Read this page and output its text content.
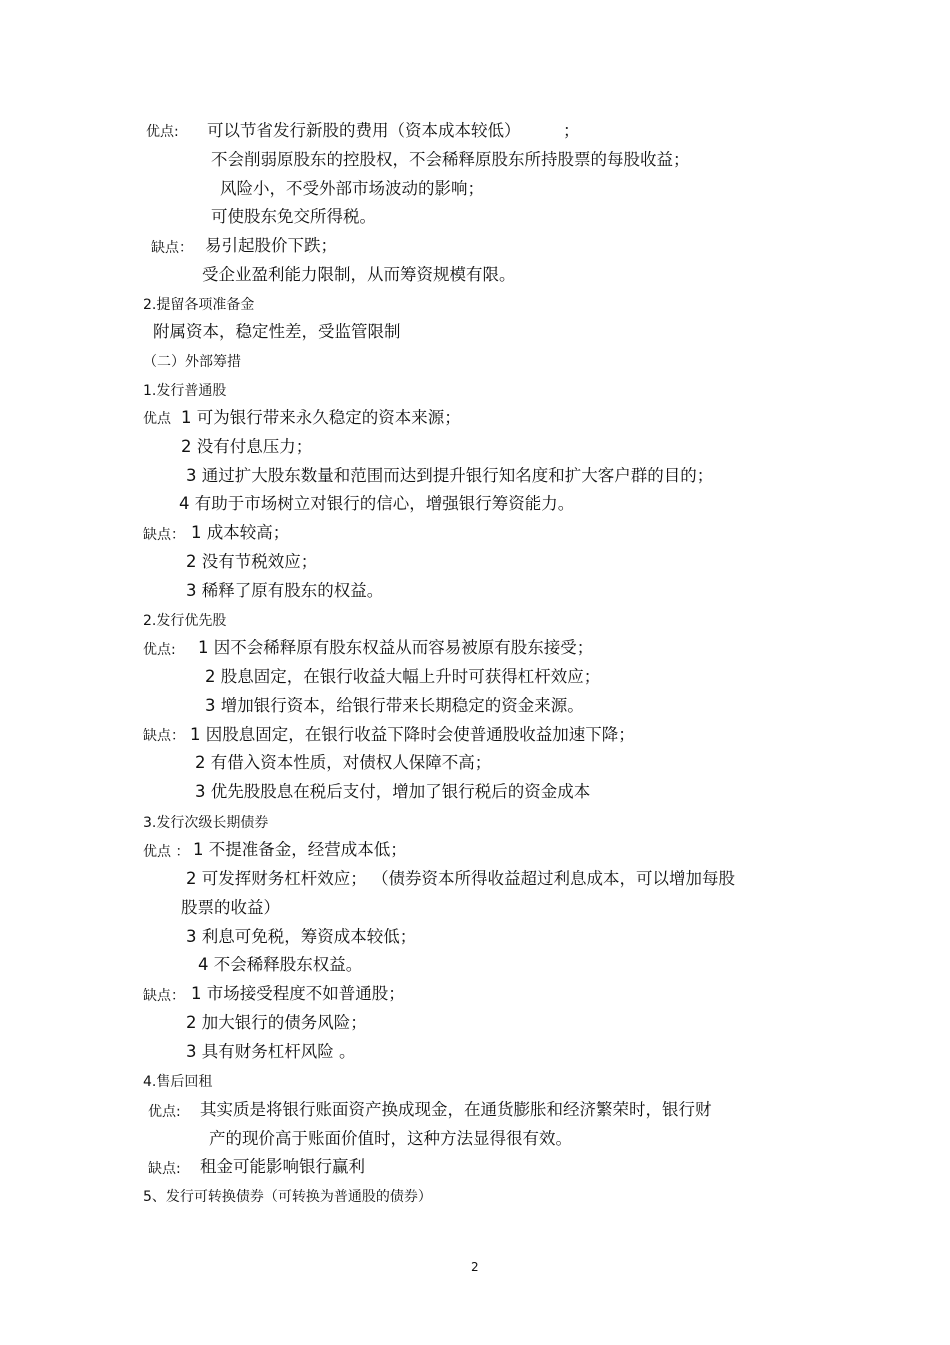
优点: 可以节省发行新股的费用（资本成本较低）	；
不会削弱原股东的控股权，不会稀释原股东所持股票的每股收益；
风险小，不受外部市场波动的影响；
可使股东免交所得税。
缺点： 易引起股价下跌；
受企业盈利能力限制，从而筹资规模有限。
2.提留各项准备金
附属资本，稳定性差，受监管限制
（二）外部筹措
1.发行普通股
优点 1 可为银行带来永久稳定的资本来源；
2 没有付息压力；
3 通过扩大股东数量和范围而达到提升银行知名度和扩大客户群的目的；
4 有助于市场树立对银行的信心，增强银行筹资能力。
缺点： 1 成本较高；
2 没有节税效应；
3 稀释了原有股东的权益。
2.发行优先股
优点: 1 因不会稀释原有股东权益从而容易被原有股东接受；
2 股息固定，在银行收益大幅上升时可获得杠杆效应；
3 增加银行资本，给银行带来长期稳定的资金来源。
缺点： 1 因股息固定，在银行收益下降时会使普通股收益加速下降；
2 有借入资本性质，对债权人保障不高；
3 优先股股息在税后支付，增加了银行税后的资金成本
3.发行次级长期债券
优点 ： 1 不提准备金，经营成本低；
2 可发挥财务杠杆效应； （债券资本所得收益超过利息成本，可以增加每股
股票的收益）
3 利息可免税，筹资成本较低；
4 不会稀释股东权益。
缺点： 1 市场接受程度不如普通股；
2 加大银行的债务风险；
3 具有财务杠杆风险 。
4.售后回租
优点: 其实质是将银行账面资产换成现金，在通货膨胀和经济繁荣时，银行财
产的现价高于账面价值时，这种方法显得很有效。
缺点: 租金可能影响银行赢利
5、发行可转换债券（可转换为普通股的债券）
2
